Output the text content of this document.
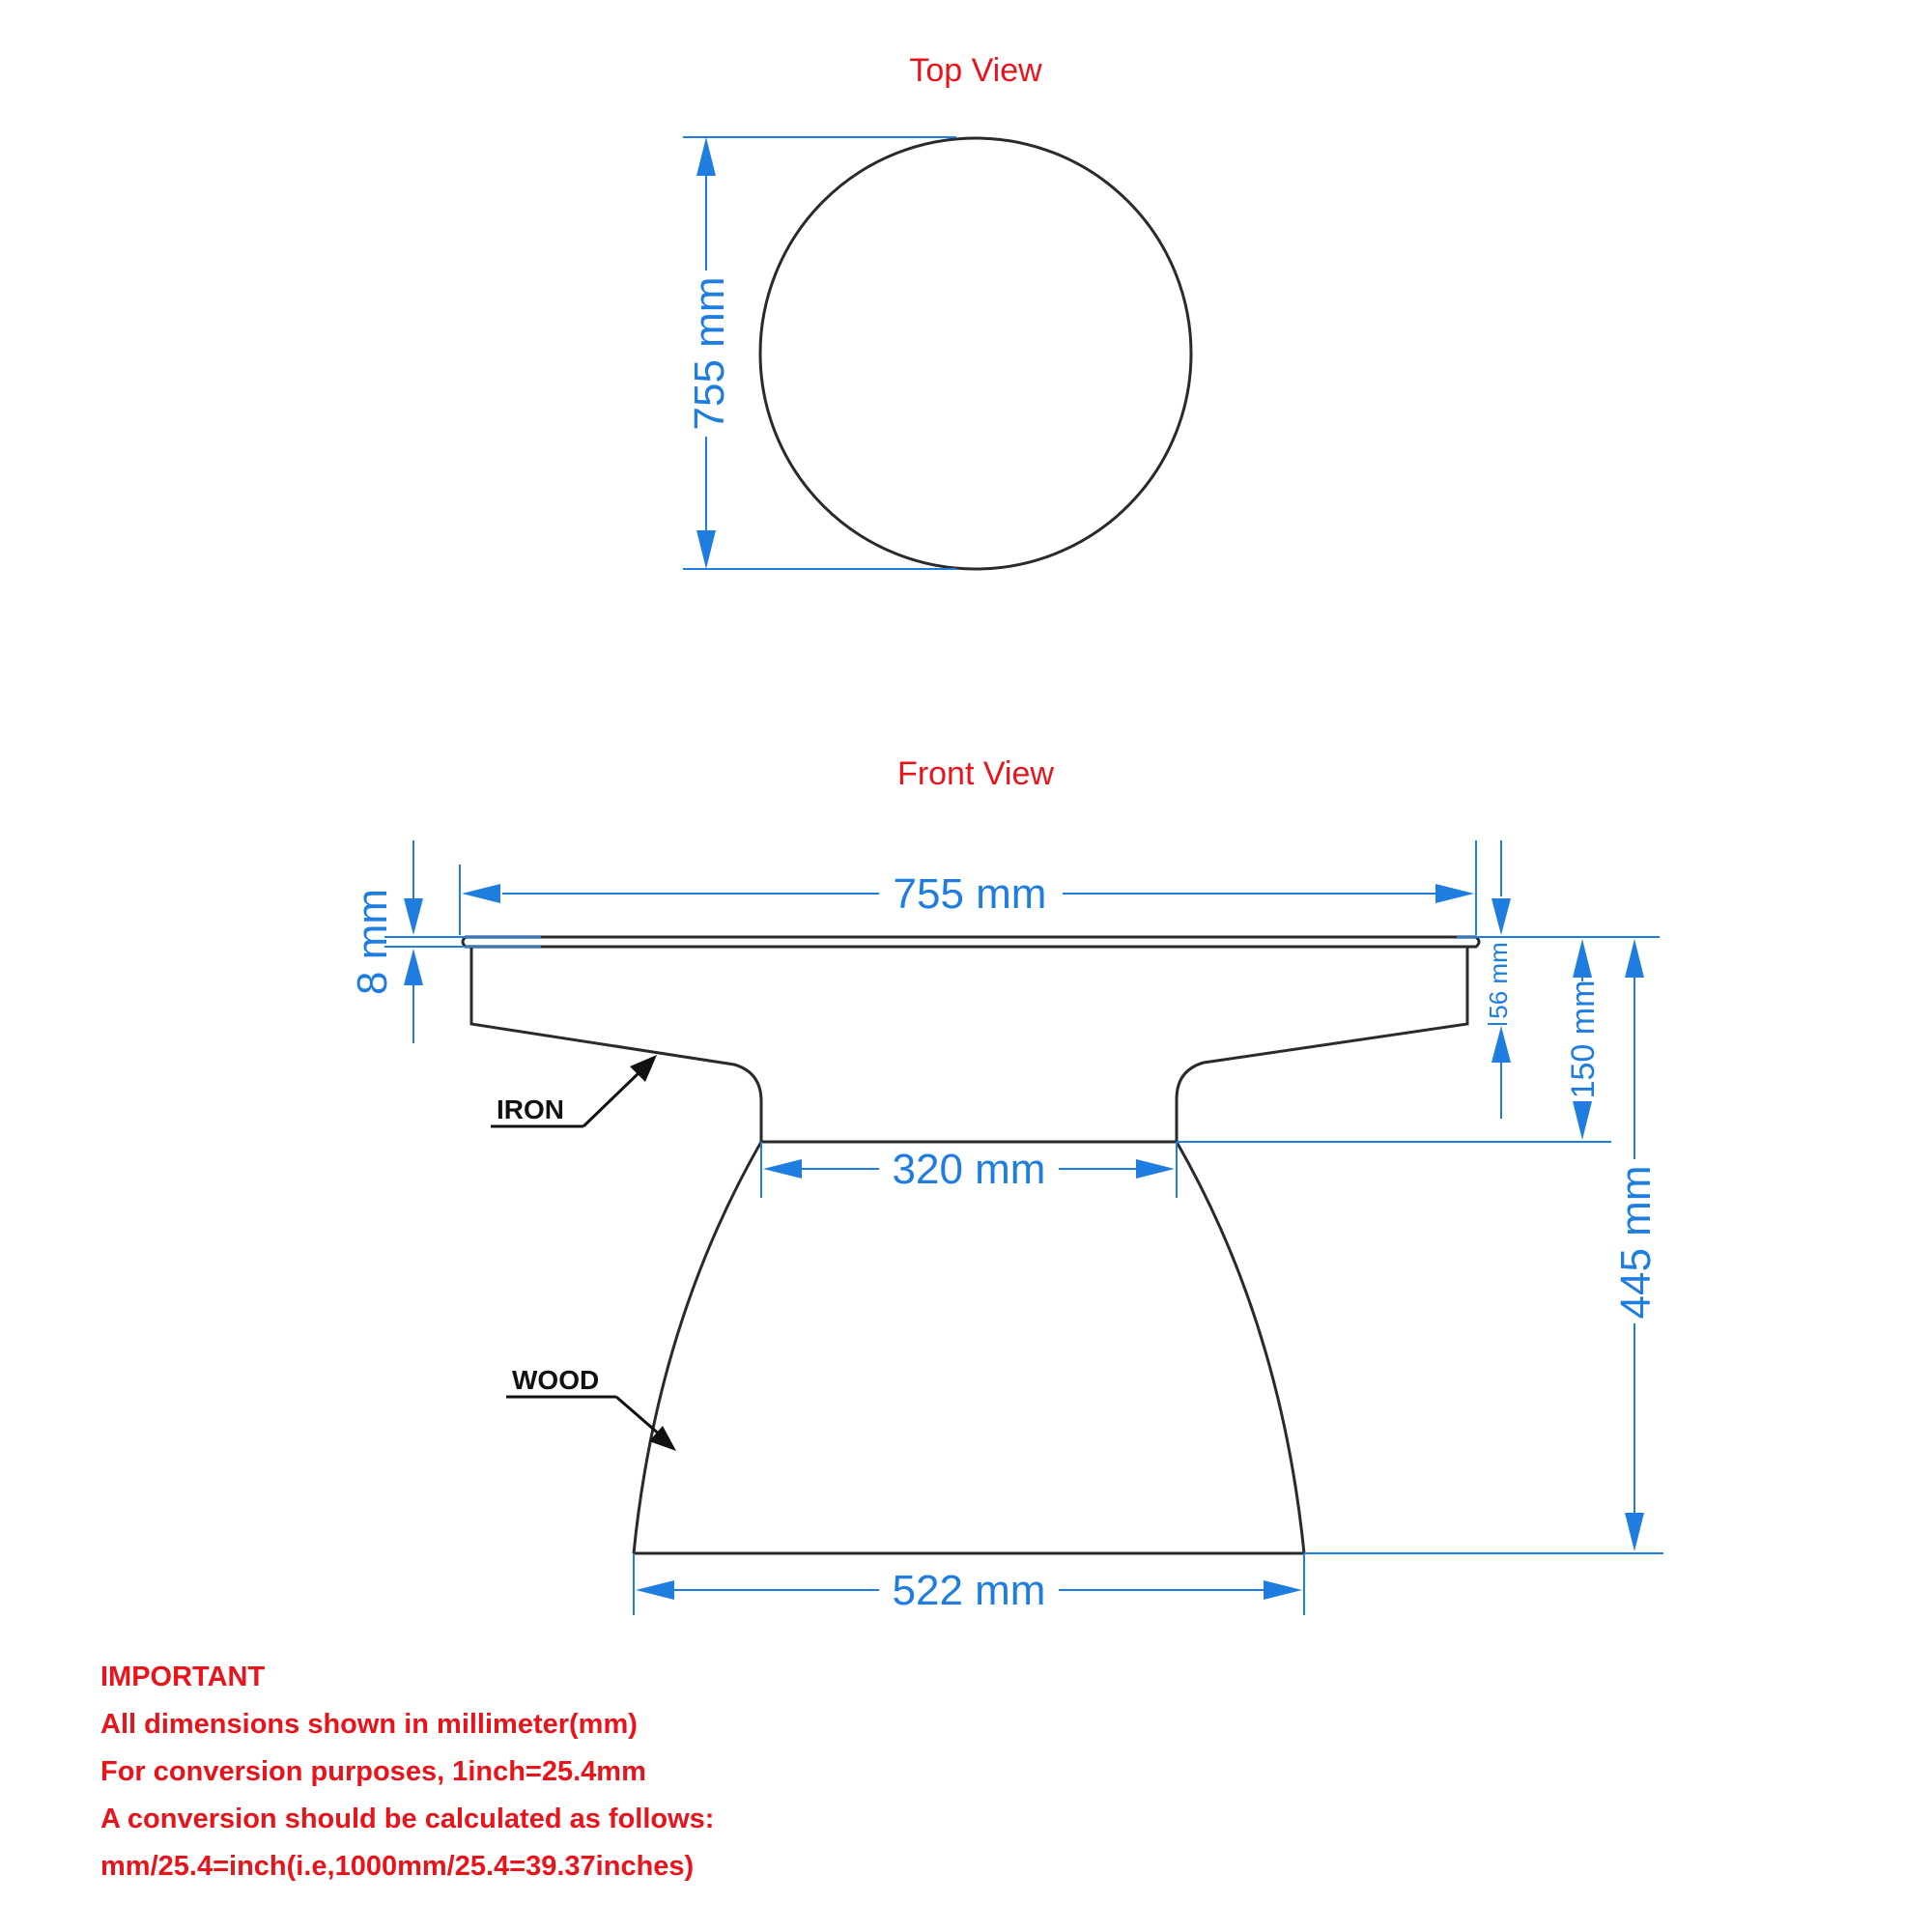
Top View
755 mm
Front View
755 mm
8 mm	56 mm 150 mm
445 mm
320 mm
522 mm
IRON
WOOD
IMPORTANT
All dimensions shown in millimeter(mm)
For conversion purposes, 1inch=25.4mm
A conversion should be calculated as follows:
mm/25.4=inch(i.e,1000mm/25.4=39.37inches)
